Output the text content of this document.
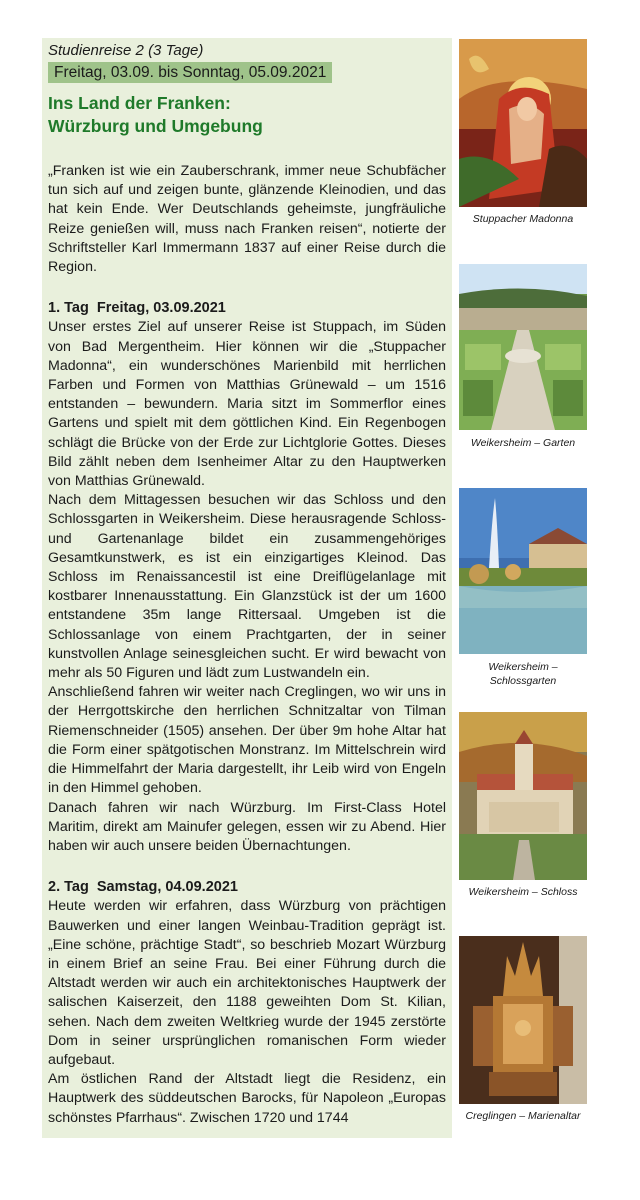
Studienreise 2 (3 Tage)
Freitag, 03.09. bis Sonntag, 05.09.2021
Ins Land der Franken:
Würzburg und Umgebung

„Franken ist wie ein Zauberschrank, immer neue Schubfächer tun sich auf und zeigen bunte, glänzende Kleinodien, und das hat kein Ende. Wer Deutschlands geheimste, jungfräuliche Reize genießen will, muss nach Franken reisen“, notierte der Schriftsteller Karl Immermann 1837 auf einer Reise durch die Region.

1. Tag  Freitag, 03.09.2021

Unser erstes Ziel auf unserer Reise ist Stuppach, im Süden von Bad Mergentheim. Hier können wir die „Stuppacher Madonna“, ein wunderschönes Marienbild mit herrlichen Farben und Formen von Matthias Grünewald – um 1516 entstanden – bewundern. Maria sitzt im Sommerflor eines Gartens und spielt mit dem göttlichen Kind. Ein Regenbogen schlägt die Brücke von der Erde zur Lichtglorie Gottes. Dieses Bild zählt neben dem Isenheimer Altar zu den Hauptwerken von Matthias Grünewald.

Nach dem Mittagessen besuchen wir das Schloss und den Schlossgarten in Weikersheim. Diese herausragende Schloss- und Gartenanlage bildet ein zusammengehöriges Gesamtkunstwerk, es ist ein einzigartiges Kleinod. Das Schloss im Renaissancestil ist eine Dreiflügelanlage mit kostbarer Innenausstattung. Ein Glanzstück ist der um 1600 entstandene 35m lange Rittersaal. Umgeben ist die Schlossanlage von einem Prachtgarten, der in seiner kunstvollen Anlage seinesgleichen sucht. Er wird bewacht von mehr als 50 Figuren und lädt zum Lustwandeln ein.

Anschließend fahren wir weiter nach Creglingen, wo wir uns in der Herrgottskirche den herrlichen Schnitzaltar von Tilman Riemenschneider (1505) ansehen. Der über 9m hohe Altar hat die Form einer spätgotischen Monstranz. Im Mittelschrein wird die Himmelfahrt der Maria dargestellt, ihr Leib wird von Engeln in den Himmel gehoben.

Danach fahren wir nach Würzburg. Im First-Class Hotel Maritim, direkt am Mainufer gelegen, essen wir zu Abend. Hier haben wir auch unsere beiden Übernachtungen.

2. Tag  Samstag, 04.09.2021

Heute werden wir erfahren, dass Würzburg von prächtigen Bauwerken und einer langen Weinbau-Tradition geprägt ist. „Eine schöne, prächtige Stadt“, so beschrieb Mozart Würzburg in einem Brief an seine Frau. Bei einer Führung durch die Altstadt werden wir auch ein architektonisches Hauptwerk der salischen Kaiserzeit, den 1188 geweihten Dom St. Kilian, sehen. Nach dem zweiten Weltkrieg wurde der 1945 zerstörte Dom in seiner ursprünglichen romanischen Form wieder aufgebaut.

Am östlichen Rand der Altstadt liegt die Residenz, ein Hauptwerk des süddeutschen Barocks, für Napoleon „Europas schönstes Pfarrhaus“. Zwischen 1720 und 1744

Stuppacher Madonna
Weikersheim – Garten
Weikersheim –
Schlossgarten
Weikersheim – Schloss
Creglingen – Marienaltar
